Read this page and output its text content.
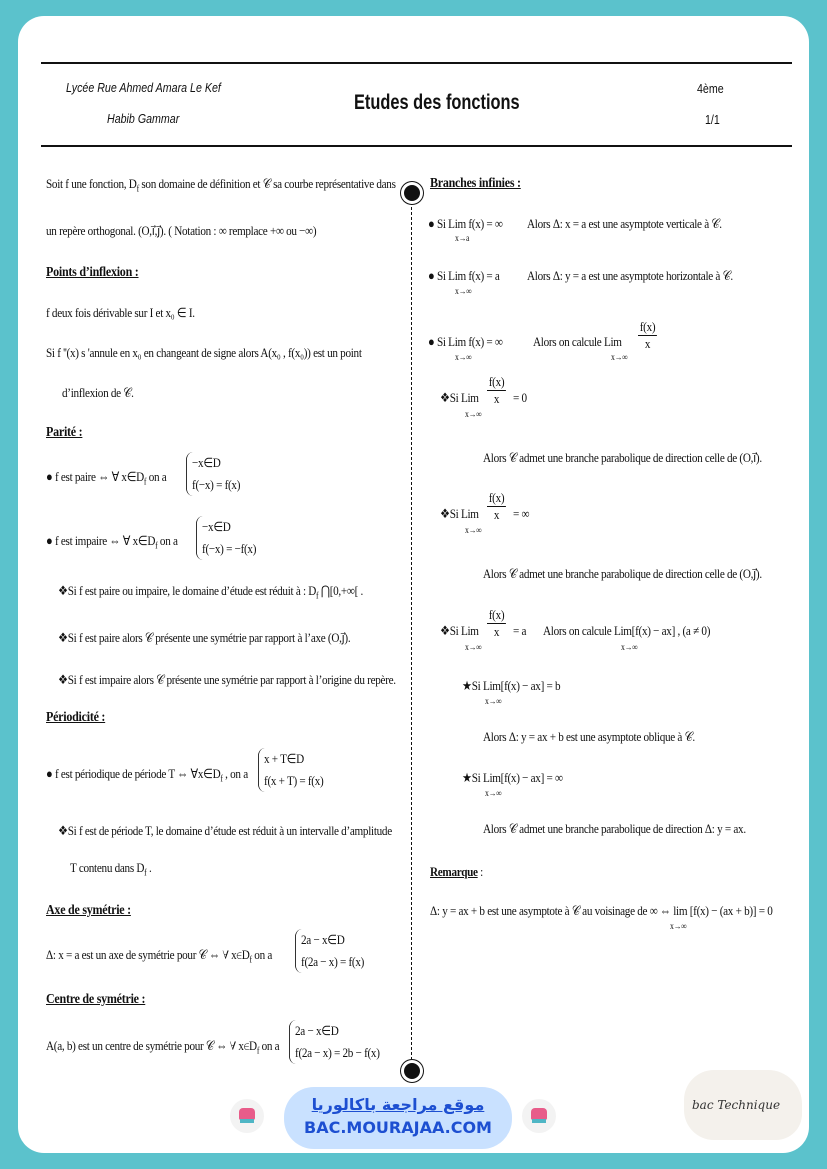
Lycée Rue Ahmed Amara Le Kef
Habib Gammar
Etudes des fonctions
4ème
1/1
Soit f une fonction, $D_f$ son domaine de définition et 𝒞 sa courbe représentative dans
un repère orthogonal. (O,i⃗,j⃗). ( Notation : ∞ remplace +∞ ou −∞)
Points d’inflexion :
f deux fois dérivable sur I et x₀ ∈ I.
Si f ''(x) s 'annule en x₀ en changeant de signe alors A(x₀ , f(x₀)) est un point
d’inflexion de 𝒞.
Parité :
● f est paire ⇔ ∀ $x\in D_f$ on a
−x∈D
f(−x) = f(x)
● f est impaire ⇔ ∀ $x\in D_f$ on a
−x∈D
f(−x) = −f(x)
❖Si f est paire ou impaire, le domaine d’étude est réduit à : $D_f$ ⋂[0,+∞[ .
❖Si f est paire alors 𝒞 présente une symétrie par rapport à l’axe (O,j⃗).
❖Si f est impaire alors 𝒞 présente une symétrie par rapport à l’origine du repère.
Périodicité :
● f est périodique de période T ⇔ $\forall x\in D_f$ , on a
x + T∈D
f(x + T) = f(x)
❖Si f est de période T, le domaine d’étude est réduit à un intervalle d’amplitude
T contenu dans $D_f$ .
Axe de symétrie :
Δ: x = a est un axe de symétrie pour 𝒞 ⇔ ∀ $x\in D_f$ on a
2a − x∈D
f(2a − x) = f(x)
Centre de symétrie :
A(a, b) est un centre de symétrie pour 𝒞 ⇔ ∀ $x\in D_f$ on a
2a − x∈D
f(2a − x) = 2b − f(x)
Branches infinies :
● Si Lim f(x) = ∞
x→a
Alors Δ: x = a est une asymptote verticale à 𝒞.
● Si Lim f(x) = a
x→∞
Alors Δ: y = a est une asymptote horizontale à 𝒞.
● Si Lim f(x) = ∞
x→∞
Alors on calcule Lim $\frac{f(x)}{x}$
x→∞
❖Si Lim $\frac{f(x)}{x} = 0$
x→∞
Alors 𝒞 admet une branche parabolique de direction celle de (O,i⃗).
❖Si Lim $\frac{f(x)}{x}$ = ∞
x→∞
Alors 𝒞 admet une branche parabolique de direction celle de (O,j⃗).
❖Si Lim $\frac{f(x)}{x} = a$
x→∞
Alors on calcule Lim[f(x) − ax] , (a ≠ 0)
x→∞
★Si Lim[f(x) − ax] = b
x→∞
Alors Δ: y = ax + b est une asymptote oblique à 𝒞.
★Si Lim[f(x) − ax] = ∞
x→∞
Alors 𝒞 admet une branche parabolique de direction Δ: y = ax.
Remarque :
Δ: y = ax + b est une asymptote à 𝒞 au voisinage de ∞ ⇔ lim [f(x) − (ax + b)] = 0
x→∞
موقع مراجعة باكالوريا
BAC.MOURAJAA.COM
bac Technique
